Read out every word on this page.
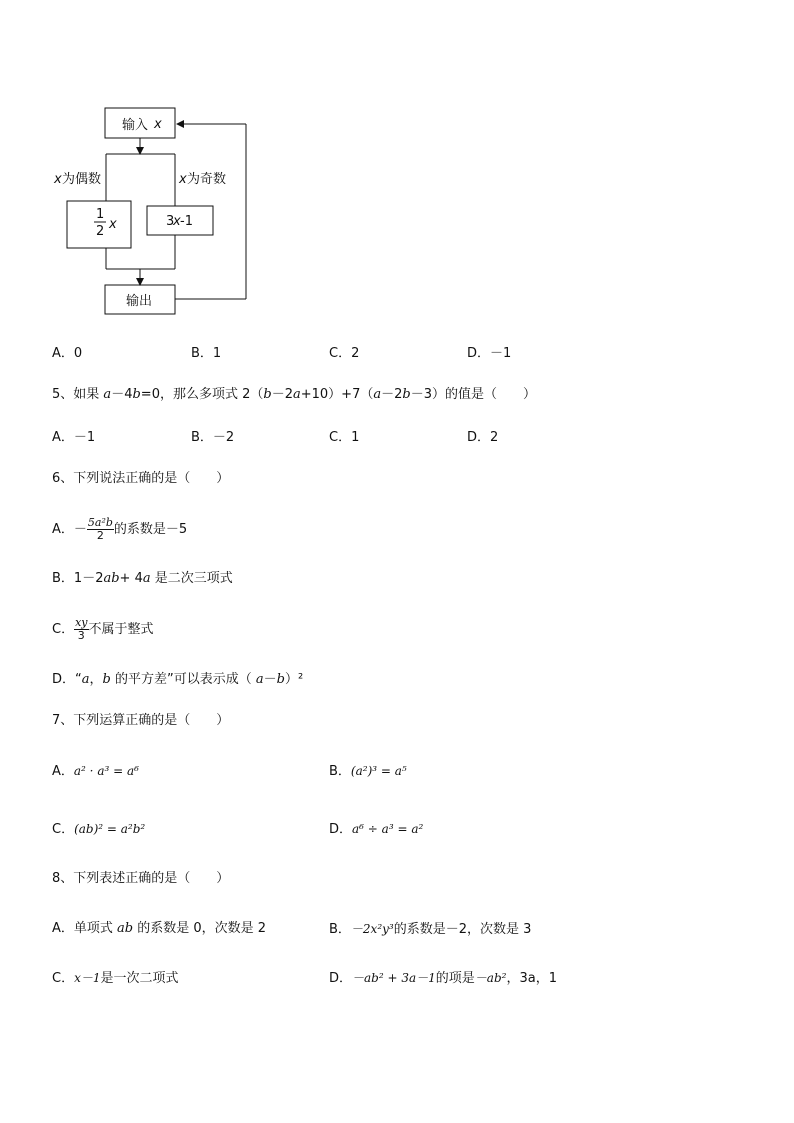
输入 x
x 为偶数	x 为奇数
1
2 x	3
x -1
输出
A．0	B．1	C．2	D．－1
5、如果 a－4b=0，那么多项式 2（b－2a+10）+7（a－2b－3）的值是（　　）
A．－1	B．－2	C．1	D．2
6、下列说法正确的是（　　）
A．－ $\frac{\text{5a²b}}{2}$ 的系数是－5
B．1－2ab+ 4a 是二次三项式
C． $\frac{xy}{3}$ 不属于整式
D．“a，b 的平方差”可以表示成（ a－b）²
7、下列运算正确的是（　　）
A．a² · a³ = a⁶	B．(a²)³ = a⁵
C．(ab)² = a²b²	D．a⁶ ÷ a³ = a²
8、下列表述正确的是（　　）
A．单项式 ab 的系数是 0，次数是 2	B．－2x²y³的系数是－2，次数是 3
C．x－1是一次二项式	D．－ab² + 3a－1的项是－ab²，3a，1
